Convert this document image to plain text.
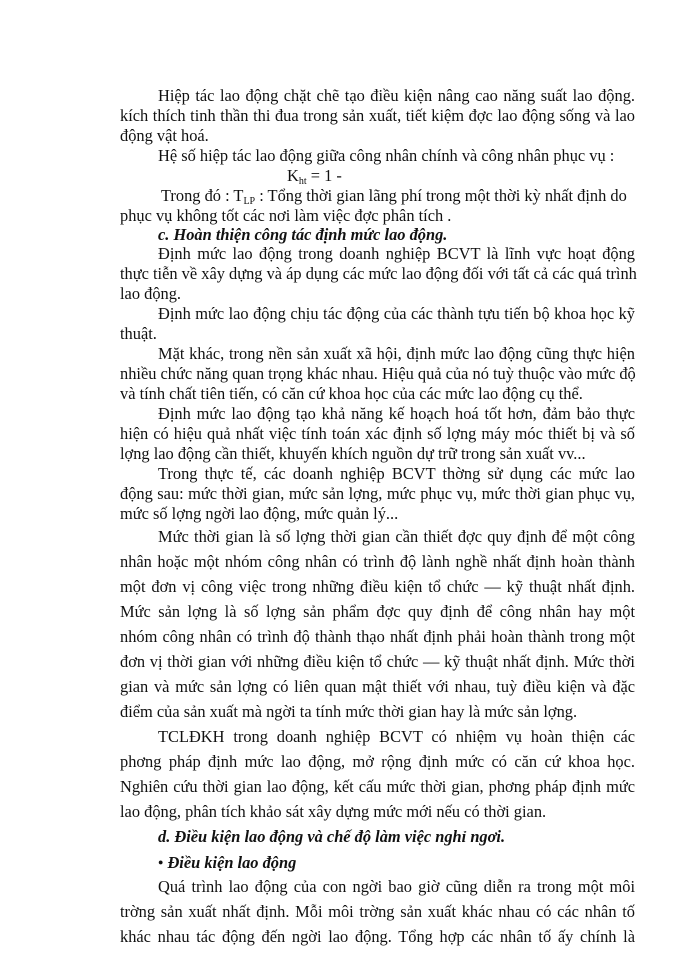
Hiệp tác lao động chặt chẽ tạo điều kiện nâng cao năng suất lao động.
kích thích tinh thần thi đua trong sản xuất, tiết kiệm đợc lao động sống và lao
động vật hoá.
Hệ số hiệp tác lao động giữa công nhân chính và công nhân phục vụ :
$K_{ht} = 1$ -
Trong đó : $T_{LP}$ : Tổng thời gian lãng phí trong một thời kỳ nhất định do
phục vụ không tốt các nơi làm việc đợc phân tích .
c. Hoàn thiện công tác định mức lao động.
Định mức lao động trong doanh nghiệp BCVT là lĩnh vực hoạt động
thực tiễn về xây dựng và áp dụng các mức lao động đối với tất cả các quá trình
lao động.
Định mức lao động chịu tác động của các thành tựu tiến bộ khoa học kỹ
thuật.
Mặt khác, trong nền sản xuất xã hội, định mức lao động cũng thực hiện
nhiều chức năng quan trọng khác nhau. Hiệu quả của nó tuỳ thuộc vào mức độ
và tính chất tiên tiến, có căn cứ khoa học của các mức lao động cụ thể.
Định mức lao động tạo khả năng kế hoạch hoá tốt hơn, đảm bảo thực
hiện có hiệu quả nhất việc tính toán xác định số lợng máy móc thiết bị và số
lợng lao động cần thiết, khuyến khích nguồn dự trữ trong sản xuất vv...
Trong thực tế, các doanh nghiệp BCVT thờng sử dụng các mức lao
động sau: mức thời gian, mức sản lợng, mức phục vụ, mức thời gian phục vụ,
mức số lợng ngời lao động, mức quản lý...
Mức thời gian là số lợng thời gian cần thiết đợc quy định để một công
nhân hoặc một nhóm công nhân có trình độ lành nghề nhất định hoàn thành
một đơn vị công việc trong những điều kiện tổ chức — kỹ thuật nhất định.
Mức sản lợng là số lợng sản phẩm đợc quy định để công nhân hay một
nhóm công nhân có trình độ thành thạo nhất định phải hoàn thành trong một
đơn vị thời gian với những điều kiện tổ chức — kỹ thuật nhất định. Mức thời
gian và mức sản lợng có liên quan mật thiết với nhau, tuỳ điều kiện và đặc
điểm của sản xuất mà ngời ta tính mức thời gian hay là mức sản lợng.
TCLĐKH trong doanh nghiệp BCVT có nhiệm vụ hoàn thiện các
phơng pháp định mức lao động, mở rộng định mức có căn cứ khoa học.
Nghiên cứu thời gian lao động, kết cấu mức thời gian, phơng pháp định mức
lao động, phân tích khảo sát xây dựng mức mới nếu có thời gian.
d. Điều kiện lao động và chế độ làm việc nghỉ ngơi.
● Điều kiện lao động
Quá trình lao động của con ngời bao giờ cũng diễn ra trong một môi
trờng sản xuất nhất định. Mỗi môi trờng sản xuất khác nhau có các nhân tố
khác nhau tác động đến ngời lao động. Tổng hợp các nhân tố ấy chính là
